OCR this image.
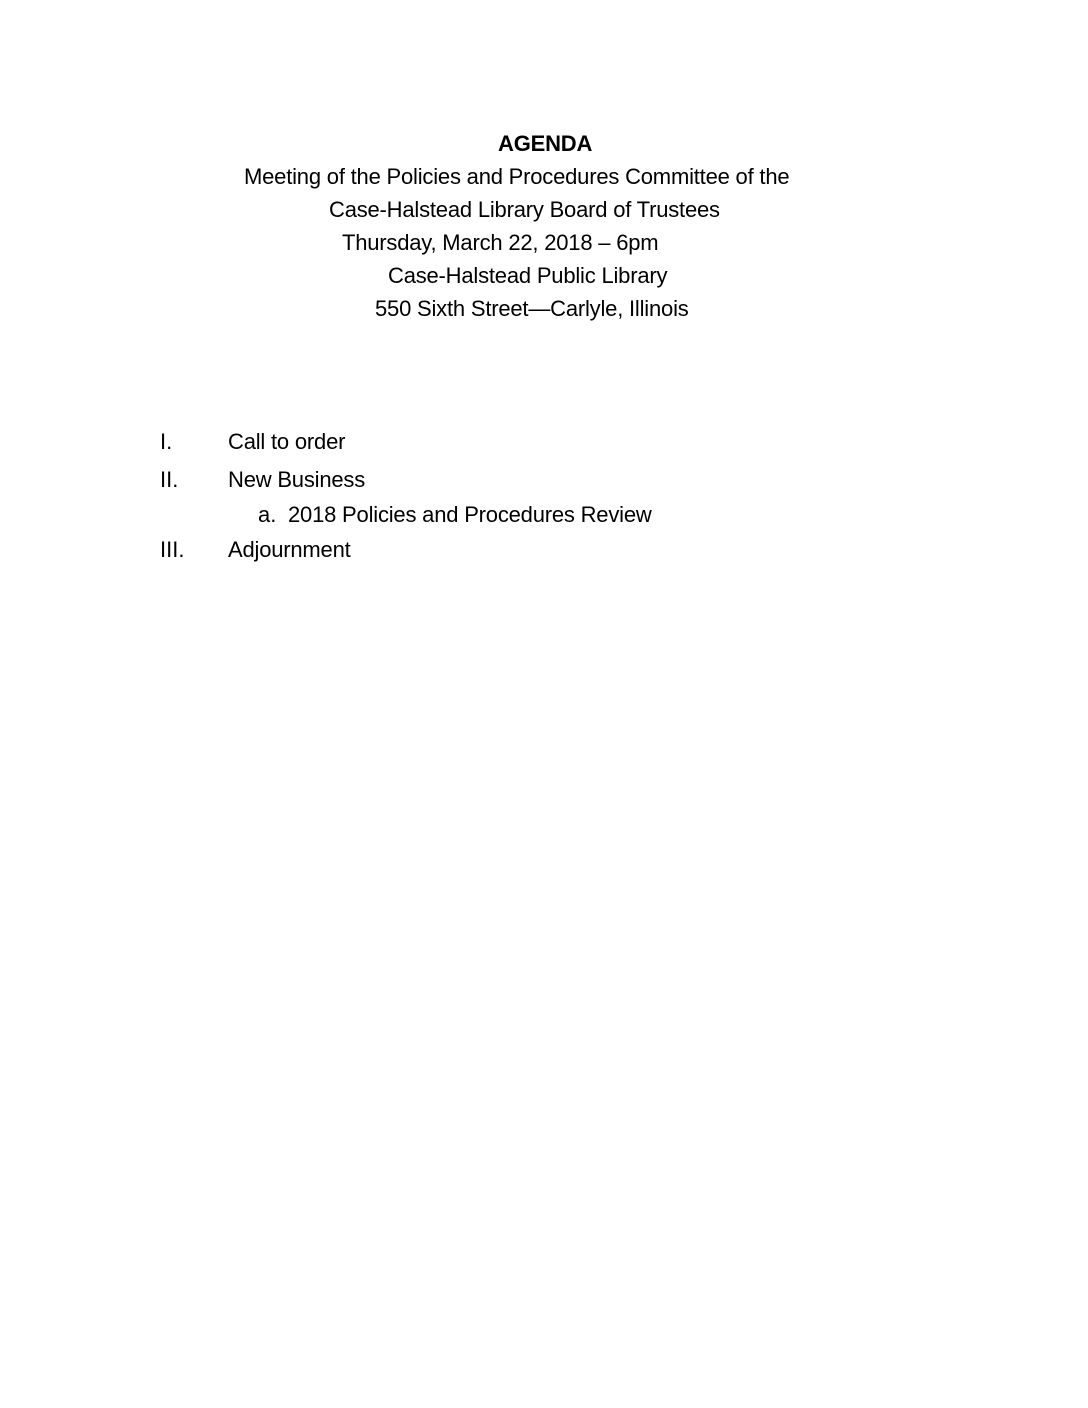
AGENDA
Meeting of the Policies and Procedures Committee of the
Case-Halstead Library Board of Trustees
Thursday, March 22, 2018 – 6pm
Case-Halstead Public Library
550 Sixth Street—Carlyle, Illinois
I.	Call to order
II. New Business
a. 2018 Policies and Procedures Review
III. Adjournment
